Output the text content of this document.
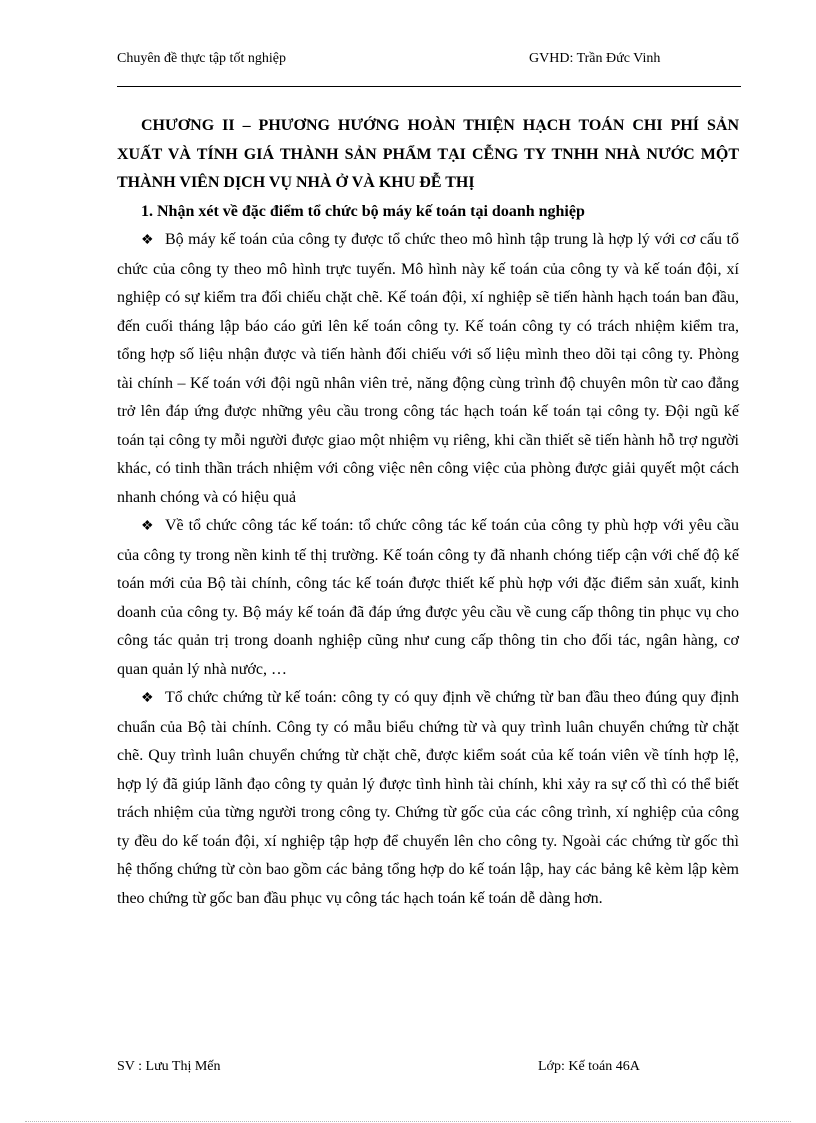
Chuyên đề thực tập tốt nghiệp	GVHD: Trần Đức Vinh

CHƯƠNG II – PHƯƠNG HƯỚNG HOÀN THIỆN HẠCH TOÁN CHI PHÍ SẢN XUẤT VÀ TÍNH GIÁ THÀNH SẢN PHẨM TẠI CỄNG TY TNHH NHÀ NƯỚC MỘT THÀNH VIÊN DỊCH VỤ NHÀ Ở VÀ KHU ĐỄ THỊ

1. Nhận xét về đặc điểm tổ chức bộ máy kế toán tại doanh nghiệp

❖ Bộ máy kế toán của công ty được tổ chức theo mô hình tập trung là hợp lý với cơ cấu tổ chức của công ty theo mô hình trực tuyến. Mô hình này kế toán của công ty và kế toán đội, xí nghiệp có sự kiểm tra đối chiếu chặt chẽ. Kế toán đội, xí nghiệp sẽ tiến hành hạch toán ban đầu, đến cuối tháng lập báo cáo gửi lên kế toán công ty. Kế toán công ty có trách nhiệm kiểm tra, tổng hợp số liệu nhận được và tiến hành đối chiếu với số liệu mình theo dõi tại công ty. Phòng tài chính – Kế toán với đội ngũ nhân viên trẻ, năng động cùng trình độ chuyên môn từ cao đẳng trở lên đáp ứng được những yêu cầu trong công tác hạch toán kế toán tại công ty. Đội ngũ kế toán tại công ty mỗi người được giao một nhiệm vụ riêng, khi cần thiết sẽ tiến hành hỗ trợ người khác, có tinh thần trách nhiệm với công việc nên công việc của phòng được giải quyết một cách nhanh chóng và có hiệu quả

❖ Về tổ chức công tác kế toán: tổ chức công tác kế toán của công ty phù hợp với yêu cầu của công ty trong nền kinh tế thị trường. Kế toán công ty đã nhanh chóng tiếp cận với chế độ kế toán mới của Bộ tài chính, công tác kế toán được thiết kế phù hợp với đặc điểm sản xuất, kinh doanh của công ty. Bộ máy kế toán đã đáp ứng được yêu cầu về cung cấp thông tin phục vụ cho công tác quản trị trong doanh nghiệp cũng như cung cấp thông tin cho đối tác, ngân hàng, cơ quan quản lý nhà nước, …

❖ Tổ chức chứng từ kế toán: công ty có quy định về chứng từ ban đầu theo đúng quy định chuẩn của Bộ tài chính. Công ty có mẫu biểu chứng từ và quy trình luân chuyển chứng từ chặt chẽ. Quy trình luân chuyển chứng từ chặt chẽ, được kiểm soát của kế toán viên về tính hợp lệ, hợp lý đã giúp lãnh đạo công ty quản lý được tình hình tài chính, khi xảy ra sự cố thì có thể biết trách nhiệm của từng người trong công ty. Chứng từ gốc của các công trình, xí nghiệp của công ty đều do kế toán đội, xí nghiệp tập hợp để chuyển lên cho công ty. Ngoài các chứng từ gốc thì hệ thống chứng từ còn bao gồm các bảng tổng hợp do kế toán lập, hay các bảng kê kèm lập kèm theo chứng từ gốc ban đầu phục vụ công tác hạch toán kế toán dễ dàng hơn.

SV : Lưu Thị Mến	Lớp: Kế toán 46A
